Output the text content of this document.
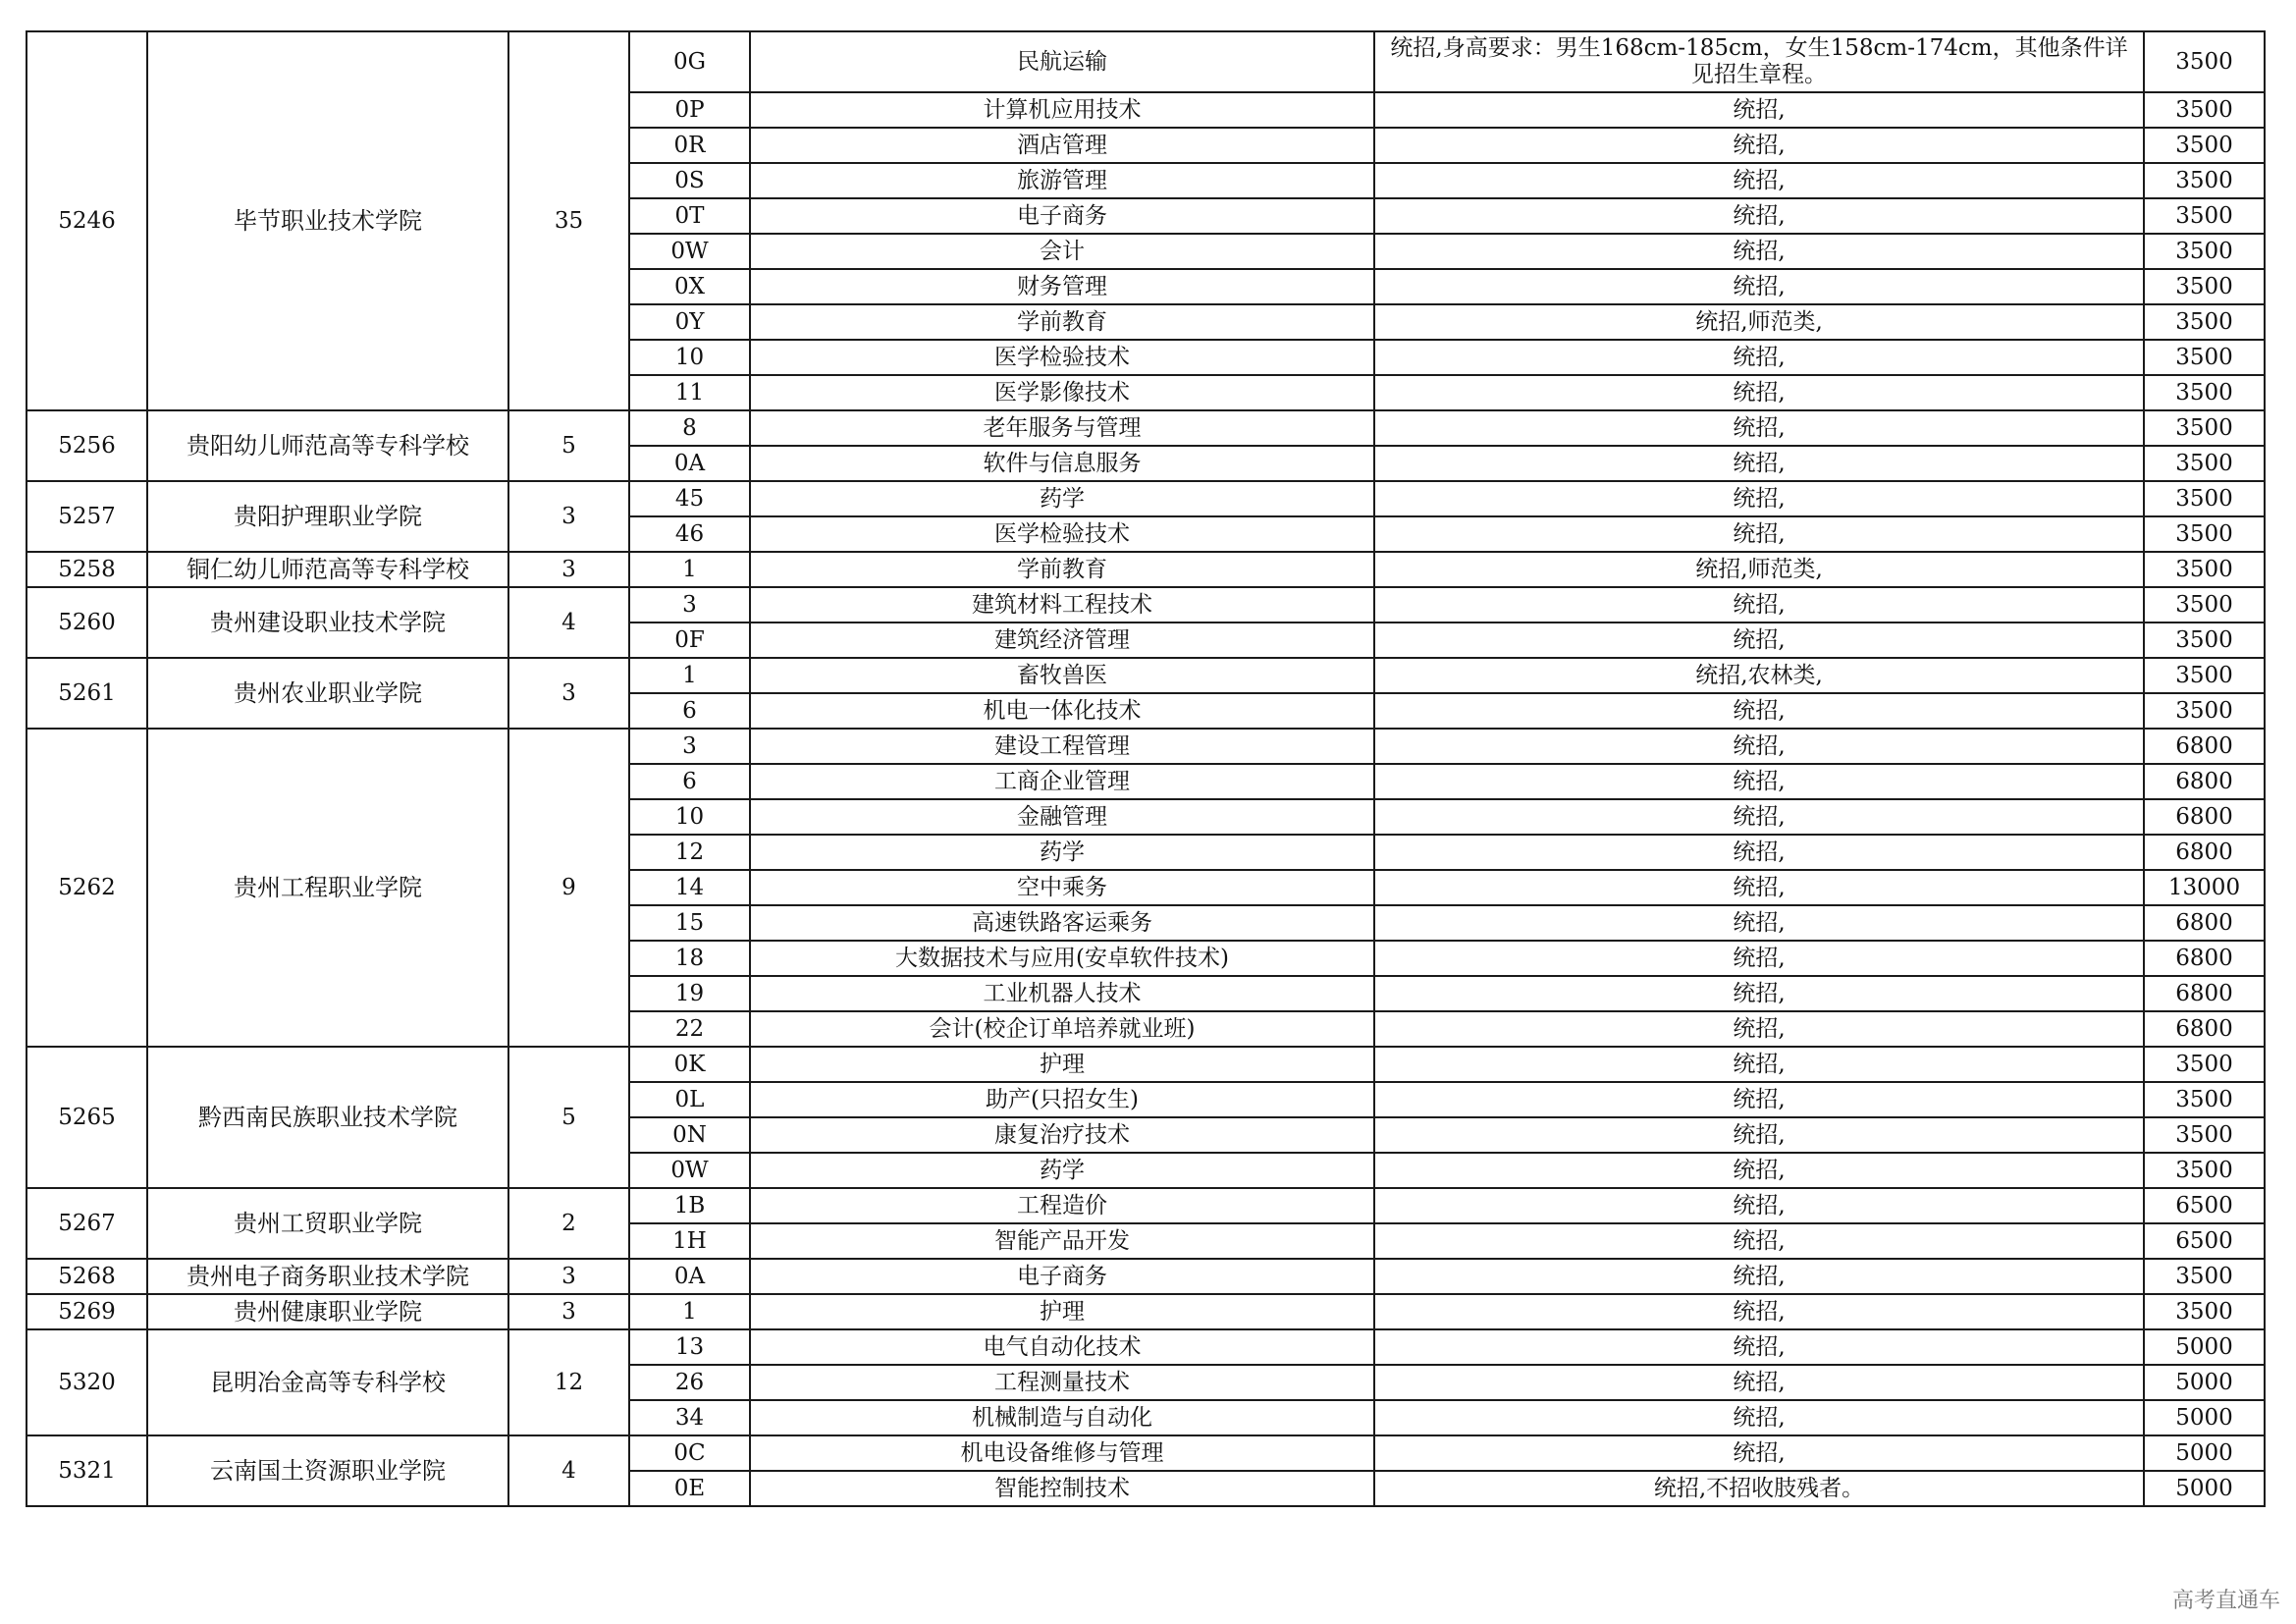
5246	毕节职业技术学院	35	0G	民航运输	统招,身高要求：男生168cm-185cm，女生158cm-174cm，其他条件详见招生章程。	3500
			0P	计算机应用技术	统招,	3500
			0R	酒店管理	统招,	3500
			0S	旅游管理	统招,	3500
			0T	电子商务	统招,	3500
			0W	会计	统招,	3500
			0X	财务管理	统招,	3500
			0Y	学前教育	统招,师范类,	3500
			10	医学检验技术	统招,	3500
			11	医学影像技术	统招,	3500
5256	贵阳幼儿师范高等专科学校	5	8	老年服务与管理	统招,	3500
			0A	软件与信息服务	统招,	3500
5257	贵阳护理职业学院	3	45	药学	统招,	3500
			46	医学检验技术	统招,	3500
5258	铜仁幼儿师范高等专科学校	3	1	学前教育	统招,师范类,	3500
5260	贵州建设职业技术学院	4	3	建筑材料工程技术	统招,	3500
			0F	建筑经济管理	统招,	3500
5261	贵州农业职业学院	3	1	畜牧兽医	统招,农林类,	3500
			6	机电一体化技术	统招,	3500
5262	贵州工程职业学院	9	3	建设工程管理	统招,	6800
			6	工商企业管理	统招,	6800
			10	金融管理	统招,	6800
			12	药学	统招,	6800
			14	空中乘务	统招,	13000
			15	高速铁路客运乘务	统招,	6800
			18	大数据技术与应用(安卓软件技术)	统招,	6800
			19	工业机器人技术	统招,	6800
			22	会计(校企订单培养就业班)	统招,	6800
5265	黔西南民族职业技术学院	5	0K	护理	统招,	3500
			0L	助产(只招女生)	统招,	3500
			0N	康复治疗技术	统招,	3500
			0W	药学	统招,	3500
5267	贵州工贸职业学院	2	1B	工程造价	统招,	6500
			1H	智能产品开发	统招,	6500
5268	贵州电子商务职业技术学院	3	0A	电子商务	统招,	3500
5269	贵州健康职业学院	3	1	护理	统招,	3500
5320	昆明冶金高等专科学校	12	13	电气自动化技术	统招,	5000
			26	工程测量技术	统招,	5000
			34	机械制造与自动化	统招,	5000
5321	云南国土资源职业学院	4	0C	机电设备维修与管理	统招,	5000
			0E	智能控制技术	统招,不招收肢残者。	5000
高考直通车
